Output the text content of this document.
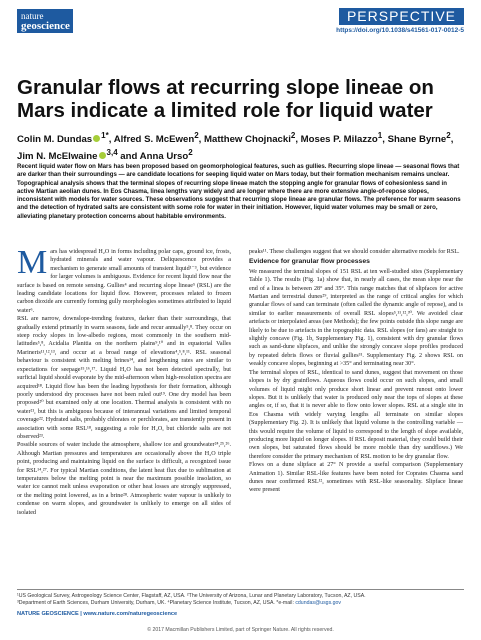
nature
geoscience
PERSPECTIVE
https://doi.org/10.1038/s41561-017-0012-5
Granular flows at recurring slope lineae on Mars indicate a limited role for liquid water
Colin M. Dundas $^{1*}$, Alfred S. McEwen$^2$, Matthew Chojnacki$^2$, Moses P. Milazzo$^1$, Shane Byrne$^2$, Jim N. McElwaine $^{3,4}$ and Anna Urso$^2$
Recent liquid water flow on Mars has been proposed based on geomorphological features, such as gullies. Recurring slope lineae — seasonal flows that are darker than their surroundings — are candidate locations for seeping liquid water on Mars today, but their formation mechanism remains unclear. Topographical analysis shows that the terminal slopes of recurring slope lineae match the stopping angle for granular flows of cohesionless sand in active Martian aeolian dunes. In Eos Chasma, linea lengths vary widely and are longer where there are more extensive angle-of-repose slopes, inconsistent with models for water sources. These observations suggest that recurring slope lineae are granular flows. The preference for warm seasons and the detection of hydrated salts are consistent with some role for water in their initiation. However, liquid water volumes may be small or zero, alleviating planetary protection concerns about habitable environments.

Mars has widespread H₂O in forms including polar caps, ground ice, frosts, hydrated minerals and water vapour. Deliquescence provides a mechanism to generate small amounts of transient liquid¹⁻³, but evidence for larger volumes is ambiguous. Evidence for recent liquid flow near the surface is based on remote sensing. Gullies⁴ and recurring slope lineae⁵ (RSL) are the leading candidate locations for liquid flow. However, processes related to frozen carbon dioxide are currently forming gully morphologies sometimes attributed to liquid water⁶.

RSL are narrow, downslope-trending features, darker than their surroundings, that gradually extend primarily in warm seasons, fade and recur annually⁵,⁸. They occur on steep rocky slopes in low-albedo regions, most commonly in the southern mid-latitudes⁵,⁸, Acidalia Planitia on the northern plains⁹,¹⁰ and in equatorial Valles Marineris¹¹,¹²,¹³, and occur at a broad range of elevations⁴,⁵,⁸,¹¹. RSL seasonal behaviour is consistent with melting brines¹⁴, and lengthening rates are similar to expectations for seepage¹⁵,¹⁶,¹⁷. Liquid H₂O has not been detected spectrally, but surficial liquid should evaporate by the mid-afternoon when high-resolution spectra are acquired¹⁸. Liquid flow has been the leading hypothesis for their formation, although poorly understood dry processes have not been ruled out¹⁹. One dry model has been proposed²⁰ but examined only at one location. Thermal analysis is consistent with no water²¹, but this is ambiguous because of interannual variations and limited temporal coverage²². Hydrated salts, probably chlorates or perchlorates, are transiently present in association with some RSL¹⁸, suggesting a role for H₂O, but chloride salts are not observed²³.

Possible sources of water include the atmosphere, shallow ice and groundwater²⁴,²⁵,²⁶. Although Martian pressures and temperatures are occasionally above the H₂O triple point, producing and maintaining liquid on the surface is difficult, a recognized issue for RSL¹⁴,²⁷. For typical Martian conditions, the latent heat flux due to sublimation at temperatures below the melting point is near the maximum possible insolation, so water ice cannot melt unless evaporation or other heat losses are strongly suppressed, or the melting point lowered, as in a brine²⁸. Atmospheric water vapour is unlikely to condense on warm slopes, and groundwater is unlikely to emerge on all sides of isolated

peaks¹¹. These challenges suggest that we should consider alternative models for RSL.

Evidence for granular flow processes

We measured the terminal slopes of 151 RSL at ten well-studied sites (Supplementary Table 1). The results (Fig. 1a) show that, in nearly all cases, the mean slope near the end of a linea is between 28° and 35°. This range matches that of slipfaces for active Martian and terrestrial dunes²⁹, interpreted as the range of critical angles for which granular flows of sand can terminate (often called the dynamic angle of repose), and is similar to earlier measurements of overall RSL slopes⁵,¹¹,¹²,³⁰. We avoided clear artefacts or interpolated areas (see Methods); the few points outside this slope range are likely to be due to artefacts in the topographic data. RSL slopes (or fans) are straight to slightly concave (Fig. 1b, Supplementary Fig. 1), consistent with dry granular flows such as sand-dune slipfaces, and unlike the strongly concave slope profiles produced by repeated debris flows or fluvial gullies³¹. Supplementary Fig. 2 shows RSL on weakly concave slopes, beginning at >35° and terminating near 30°.

The terminal slopes of RSL, identical to sand dunes, suggest that movement on those slopes is by dry grainflows. Aqueous flows could occur on such slopes, and small volumes of liquid might only produce short linear and prevent runout onto lower slopes. But it is unlikely that water is produced only near the tops of slopes at these angles or, if so, that it is never able to flow onto lower slopes. RSL at a single site in Eos Chasma with widely varying lengths all terminate on similar slopes (Supplementary Fig. 2). It is unlikely that liquid volume is the controlling variable — this would require the volume of liquid to correspond to the length of slope available, producing more liquid on longer slopes. If RSL deposit material, they could build their own slopes, but saturated flows should be more mobile than dry sandflows.) We therefore consider the primary mechanism of RSL motion to be dry granular flow.

Flows on a dune slipface at 27° N provide a useful comparison (Supplementary Animation 1). Similar RSL-like features have been noted for Coprates Chasma sand dunes near confirmed RSL¹², sometimes with RSL-like seasonality. Slipface lineae were present

¹US Geological Survey, Astrogeology Science Center, Flagstaff, AZ, USA. ²The University of Arizona, Lunar and Planetary Laboratory, Tucson, AZ, USA.
³Department of Earth Sciences, Durham University, Durham, UK. ⁴Planetary Science Institute, Tucson, AZ, USA. *e-mail: cdundas@usgs.gov
NATURE GEOSCIENCE | www.nature.com/naturegeoscience
© 2017 Macmillan Publishers Limited, part of Springer Nature. All rights reserved.
